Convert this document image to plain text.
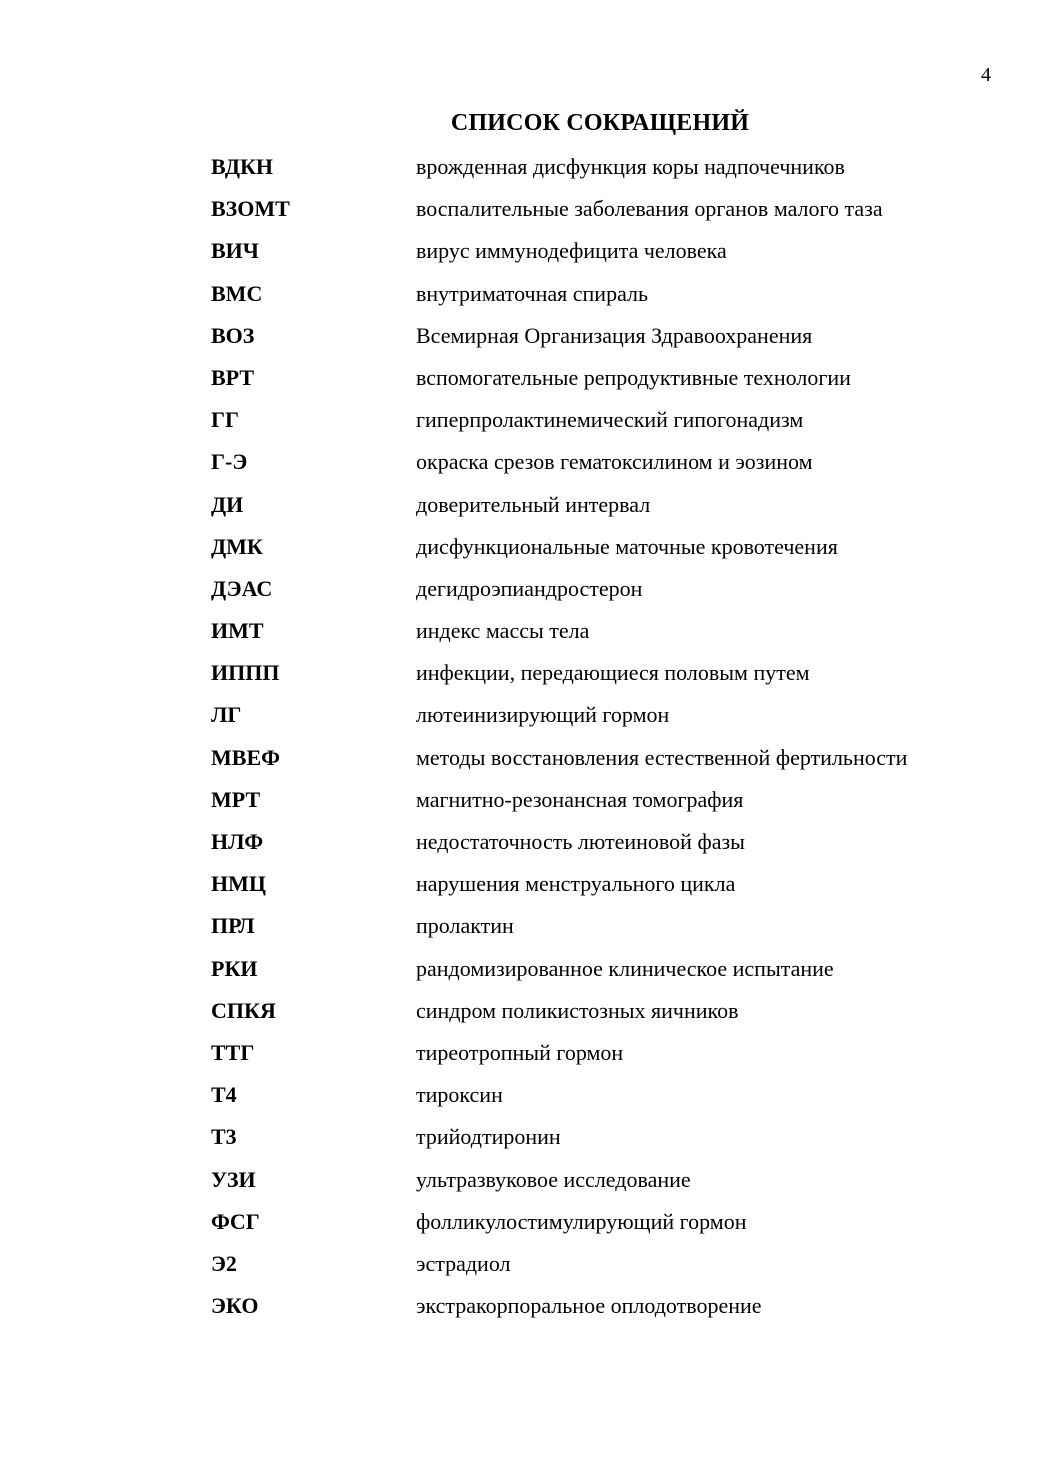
4
СПИСОК СОКРАЩЕНИЙ
ВДКН	врожденная дисфункция коры надпочечников
ВЗОМТ	воспалительные заболевания органов малого таза
ВИЧ	вирус иммунодефицита человека
ВМС	внутриматочная спираль
ВОЗ	Всемирная Организация Здравоохранения
ВРТ	вспомогательные репродуктивные технологии
ГГ	гиперпролактинемический гипогонадизм
Г-Э	окраска срезов гематоксилином и эозином
ДИ	доверительный интервал
ДМК	дисфункциональные маточные кровотечения
ДЭАС	дегидроэпиандростерон
ИМТ	индекс массы тела
ИППП	инфекции, передающиеся половым путем
ЛГ	лютеинизирующий гормон
МВЕФ	методы восстановления естественной фертильности
МРТ	магнитно-резонансная томография
НЛФ	недостаточность лютеиновой фазы
НМЦ	нарушения менструального цикла
ПРЛ	пролактин
РКИ	рандомизированное клиническое испытание
СПКЯ	синдром поликистозных яичников
ТТГ	тиреотропный гормон
Т4	тироксин
Т3	трийодтиронин
УЗИ	ультразвуковое исследование
ФСГ	фолликулостимулирующий гормон
Э2	эстрадиол
ЭКО	экстракорпоральное оплодотворение
